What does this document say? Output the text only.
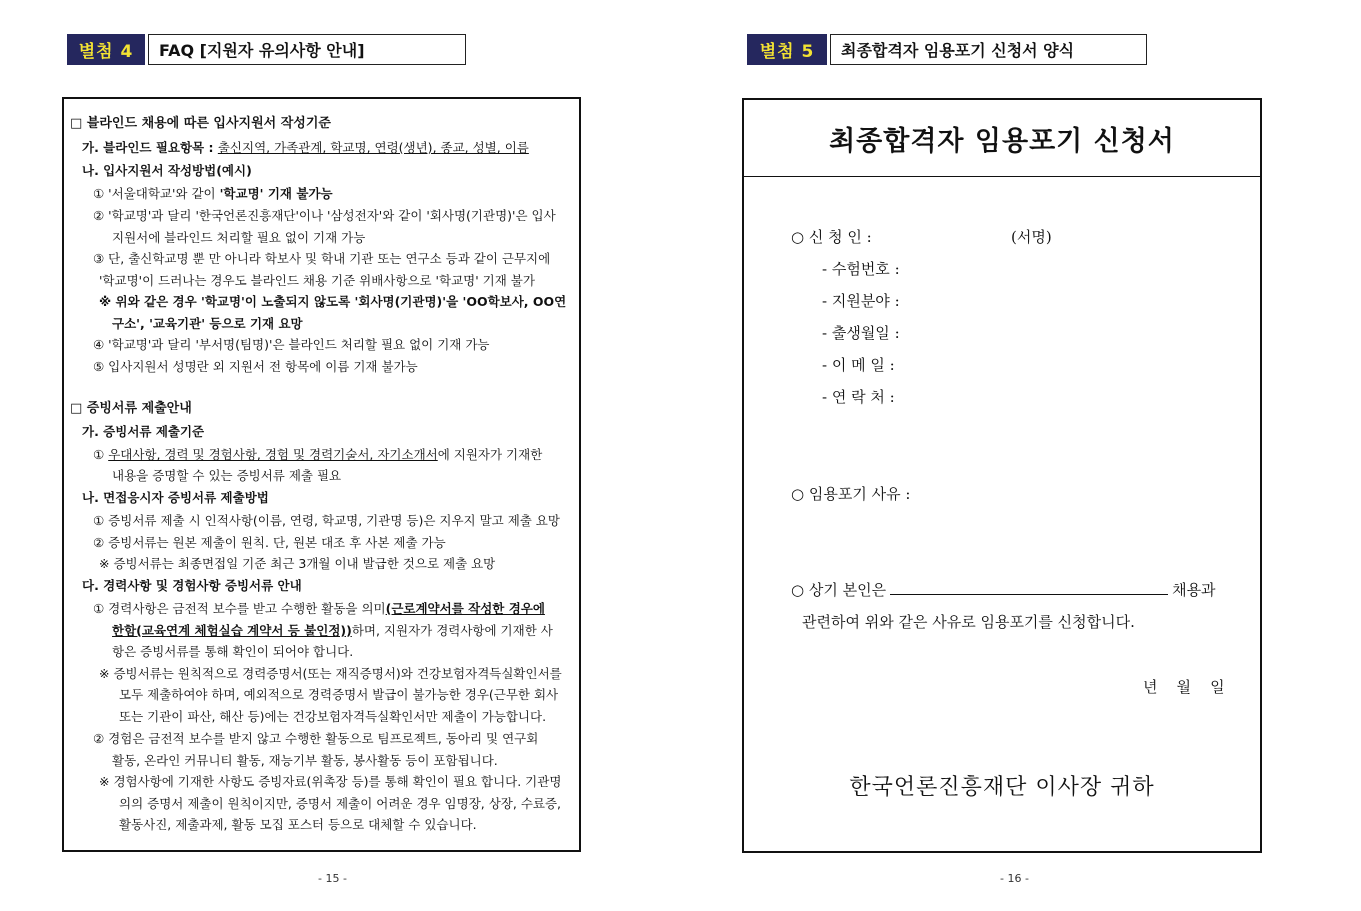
별첨 4	FAQ [지원자 유의사항 안내]
□ 블라인드 채용에 따른 입사지원서 작성기준
가. 블라인드 필요항목 : 출신지역, 가족관계, 학교명, 연령(생년), 종교, 성별, 이름
나. 입사지원서 작성방법(예시)
① '서울대학교'와 같이 '학교명' 기재 불가능
② '학교명'과 달리 '한국언론진흥재단'이나 '삼성전자'와 같이 '회사명(기관명)'은 입사
지원서에 블라인드 처리할 필요 없이 기재 가능
③ 단, 출신학교명 뿐 만 아니라 학보사 및 학내 기관 또는 연구소 등과 같이 근무지에
'학교명'이 드러나는 경우도 블라인드 채용 기준 위배사항으로 '학교명' 기재 불가
※ 위와 같은 경우 '학교명'이 노출되지 않도록 '회사명(기관명)'을 'OO학보사, OO연
구소', '교육기관' 등으로 기재 요망
④ '학교명'과 달리 '부서명(팀명)'은 블라인드 처리할 필요 없이 기재 가능
⑤ 입사지원서 성명란 외 지원서 전 항목에 이름 기재 불가능
□ 증빙서류 제출안내
가. 증빙서류 제출기준
① 우대사항, 경력 및 경험사항, 경험 및 경력기술서, 자기소개서에 지원자가 기재한
내용을 증명할 수 있는 증빙서류 제출 필요
나. 면접응시자 증빙서류 제출방법
① 증빙서류 제출 시 인적사항(이름, 연령, 학교명, 기관명 등)은 지우지 말고 제출 요망
② 증빙서류는 원본 제출이 원칙. 단, 원본 대조 후 사본 제출 가능
※ 증빙서류는 최종면접일 기준 최근 3개월 이내 발급한 것으로 제출 요망
다. 경력사항 및 경험사항 증빙서류 안내
① 경력사항은 금전적 보수를 받고 수행한 활동을 의미(근로계약서를 작성한 경우에
한함(교육연계 체험실습 계약서 등 불인정))하며, 지원자가 경력사항에 기재한 사
항은 증빙서류를 통해 확인이 되어야 합니다.
※ 증빙서류는 원칙적으로 경력증명서(또는 재직증명서)와 건강보험자격득실확인서를
모두 제출하여야 하며, 예외적으로 경력증명서 발급이 불가능한 경우(근무한 회사
또는 기관이 파산, 해산 등)에는 건강보험자격득실확인서만 제출이 가능합니다.
② 경험은 금전적 보수를 받지 않고 수행한 활동으로 팀프로젝트, 동아리 및 연구회
활동, 온라인 커뮤니티 활동, 재능기부 활동, 봉사활동 등이 포함됩니다.
※ 경험사항에 기재한 사항도 증빙자료(위촉장 등)를 통해 확인이 필요 합니다. 기관명
의의 증명서 제출이 원칙이지만, 증명서 제출이 어려운 경우 임명장, 상장, 수료증,
활동사진, 제출과제, 활동 모집 포스터 등으로 대체할 수 있습니다.
- 15 -
별첨 5	최종합격자 임용포기 신청서 양식
최종합격자 임용포기 신청서
○ 신 청 인 :	(서명)
- 수험번호 :
- 지원분야 :
- 출생월일 :
- 이 메 일 :
- 연 락 처 :
○ 임용포기 사유 :
○ 상기 본인은	채용과
관련하여 위와 같은 사유로 임용포기를 신청합니다.
년    월    일
한국언론진흥재단 이사장 귀하
- 16 -
